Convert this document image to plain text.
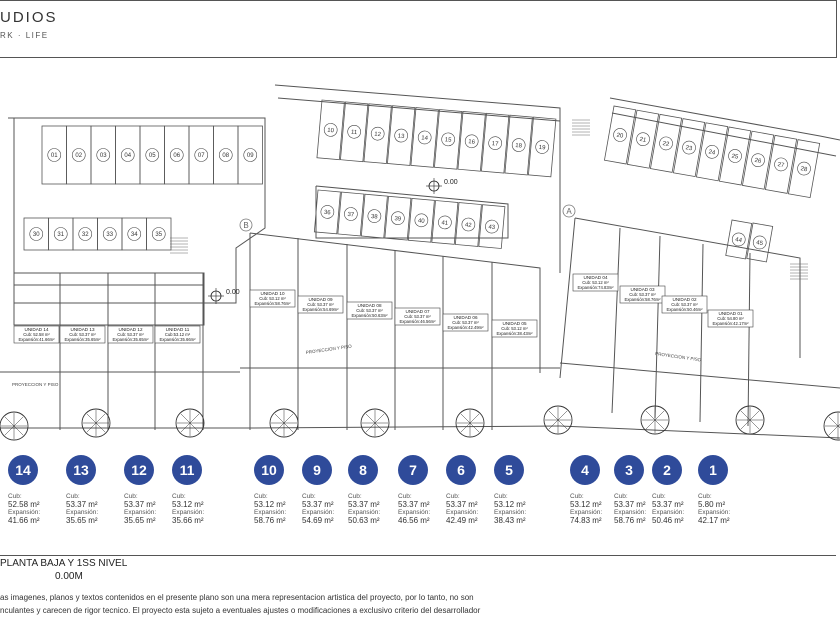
UDIOS
RK · LIFE
01	02	03	04	05	06	07	08	09
30	31	32	33	34	35
10	11	12	13	14	15	16	17	18	19
20
21
22
23
24
25
26
27
28
36	37	38	39	40	41	42	43
44 45
0.00
0.00
A
B
PROYECCION Y PISO
PROYECCION Y PISO
PROYECCION Y PISO
UNIDAD 14
Cub: 52.58 m²
Expansión:41.66m²
UNIDAD 13
Cub: 53.37 m²
Expansión:35.65m²
UNIDAD 12
Cub: 53.37 m²
Expansión:35.65m²
UNIDAD 11
Cub:53.12 m²
Expansión:35.66m²
UNIDAD 10
Cub: 53.12 m²
Expansión:58.76m²
UNIDAD 09
Cub: 53.37 m²
Expansión:54.69m²
UNIDAD 08
Cub: 53.37 m²
Expansión:50.63m²
UNIDAD 07
Cub: 53.37 m²
Expansión:46.56m²
UNIDAD 06
Cub: 53.37 m²
Expansión:42.49m²
UNIDAD 05
Cub: 53.12 m²
Expansión:38.43m²
UNIDAD 04
Cub: 53.12 m²
Expansión:74.83m²	UNIDAD 03
Cub: 53.37 m²
Expansión:58.76m²	UNIDAD 02
Cub: 53.37 m²
Expansión:50.46m²
UNIDAD 01
Cub: 54.80 m²
Expansión:42.17m²
14
Cub:
52.58 m²
Expansión:
41.66 m²
13
Cub:
53.37 m²
Expansión:
35.65 m²
12
Cub:
53.37 m²
Expansión:
35.65 m²
11
Cub:
53.12 m²
Expansión:
35.66 m²
10
Cub:
53.12 m²
Expansión:
58.76 m²
9
Cub:
53.37 m²
Expansión:
54.69 m²
8
Cub:
53.37 m²
Expansión:
50.63 m²
7
Cub:
53.37 m²
Expansión:
46.56 m²
6
Cub:
53.37 m²
Expansión:
42.49 m²
5
Cub:
53.12 m²
Expansión:
38.43 m²
4
Cub:
53.12 m²
Expansión:
74.83 m²
3
Cub:
53.37 m²
Expansión:
58.76 m²
2
Cub:
53.37 m²
Expansión:
50.46 m²
1
Cub:
5.80 m²
Expansión:
42.17 m²
PLANTA BAJA Y 1SS NIVEL
0.00M
as imagenes, planos y textos contenidos en el presente plano son una mera representacion artistica del proyecto, por lo tanto, no son
nculantes y carecen de rigor tecnico. El proyecto esta sujeto a eventuales ajustes o modificaciones a exclusivo criterio del desarrollador
